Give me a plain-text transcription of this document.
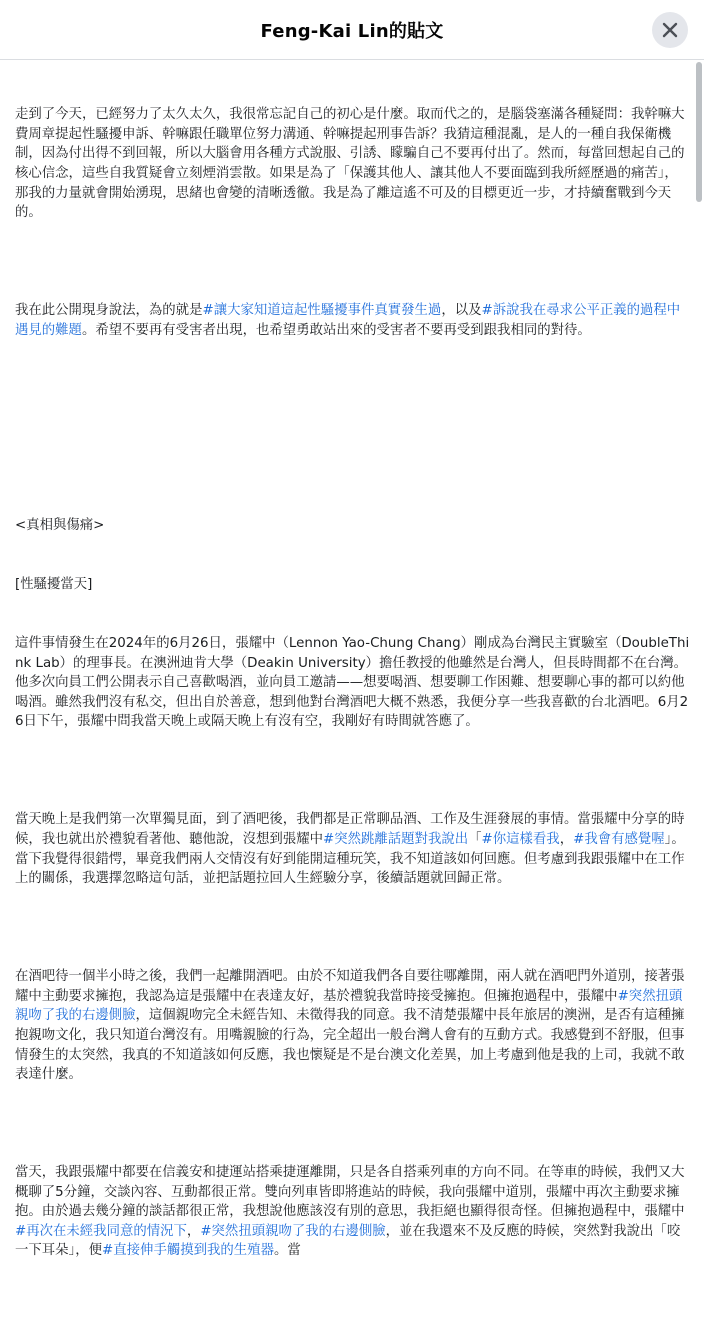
Feng-Kai Lin的貼文

走到了今天，已經努力了太久太久，我很常忘記自己的初心是什麼。取而代之的，是腦袋塞滿各種疑問：我幹嘛大費周章提起性騷擾申訴、幹嘛跟任職單位努力溝通、幹嘛提起刑事告訴？我猜這種混亂，是人的一種自我保衛機制，因為付出得不到回報，所以大腦會用各種方式說服、引誘、矇騙自己不要再付出了。然而，每當回想起自己的核心信念，這些自我質疑會立刻煙消雲散。如果是為了「保護其他人、讓其他人不要面臨到我所經歷過的痛苦」，那我的力量就會開始湧現，思緒也會變的清晰透徹。我是為了離這遙不可及的目標更近一步，才持續奮戰到今天的。

我在此公開現身說法，為的就是#讓大家知道這起性騷擾事件真實發生過，以及#訴說我在尋求公平正義的過程中遇見的難題。希望不要再有受害者出現，也希望勇敢站出來的受害者不要再受到跟我相同的對待。

<真相與傷痛>

[性騷擾當天]

這件事情發生在2024年的6月26日，張耀中（Lennon Yao-Chung Chang）剛成為台灣民主實驗室（DoubleThink Lab）的理事長。在澳洲迪肯大學（Deakin University）擔任教授的他雖然是台灣人，但長時間都不在台灣。他多次向員工們公開表示自己喜歡喝酒，並向員工邀請——想要喝酒、想要聊工作困難、想要聊心事的都可以約他喝酒。雖然我們沒有私交，但出自於善意，想到他對台灣酒吧大概不熟悉，我便分享一些我喜歡的台北酒吧。6月26日下午，張耀中問我當天晚上或隔天晚上有沒有空，我剛好有時間就答應了。

當天晚上是我們第一次單獨見面，到了酒吧後，我們都是正常聊品酒、工作及生涯發展的事情。當張耀中分享的時候，我也就出於禮貌看著他、聽他說，沒想到張耀中#突然跳離話題對我說出「#你這樣看我，#我會有感覺喔」。當下我覺得很錯愕，畢竟我們兩人交情沒有好到能開這種玩笑，我不知道該如何回應。但考慮到我跟張耀中在工作上的關係，我選擇忽略這句話，並把話題拉回人生經驗分享，後續話題就回歸正常。

在酒吧待一個半小時之後，我們一起離開酒吧。由於不知道我們各自要往哪離開，兩人就在酒吧門外道別，接著張耀中主動要求擁抱，我認為這是張耀中在表達友好，基於禮貌我當時接受擁抱。但擁抱過程中，張耀中#突然扭頭親吻了我的右邊側臉，這個親吻完全未經告知、未徵得我的同意。我不清楚張耀中長年旅居的澳洲，是否有這種擁抱親吻文化，我只知道台灣沒有。用嘴親臉的行為，完全超出一般台灣人會有的互動方式。我感覺到不舒服，但事情發生的太突然，我真的不知道該如何反應，我也懷疑是不是台澳文化差異，加上考慮到他是我的上司，我就不敢表達什麼。

當天，我跟張耀中都要在信義安和捷運站搭乘捷運離開，只是各自搭乘列車的方向不同。在等車的時候，我們又大概聊了5分鐘，交談內容、互動都很正常。雙向列車皆即將進站的時候，我向張耀中道別，張耀中再次主動要求擁抱。由於過去幾分鐘的談話都很正常，我想說他應該沒有別的意思，我拒絕也顯得很奇怪。但擁抱過程中，張耀中#再次在未經我同意的情況下，#突然扭頭親吻了我的右邊側臉，並在我還來不及反應的時候，突然對我說出「咬一下耳朵」，便#直接伸手觸摸到我的生殖器。當
